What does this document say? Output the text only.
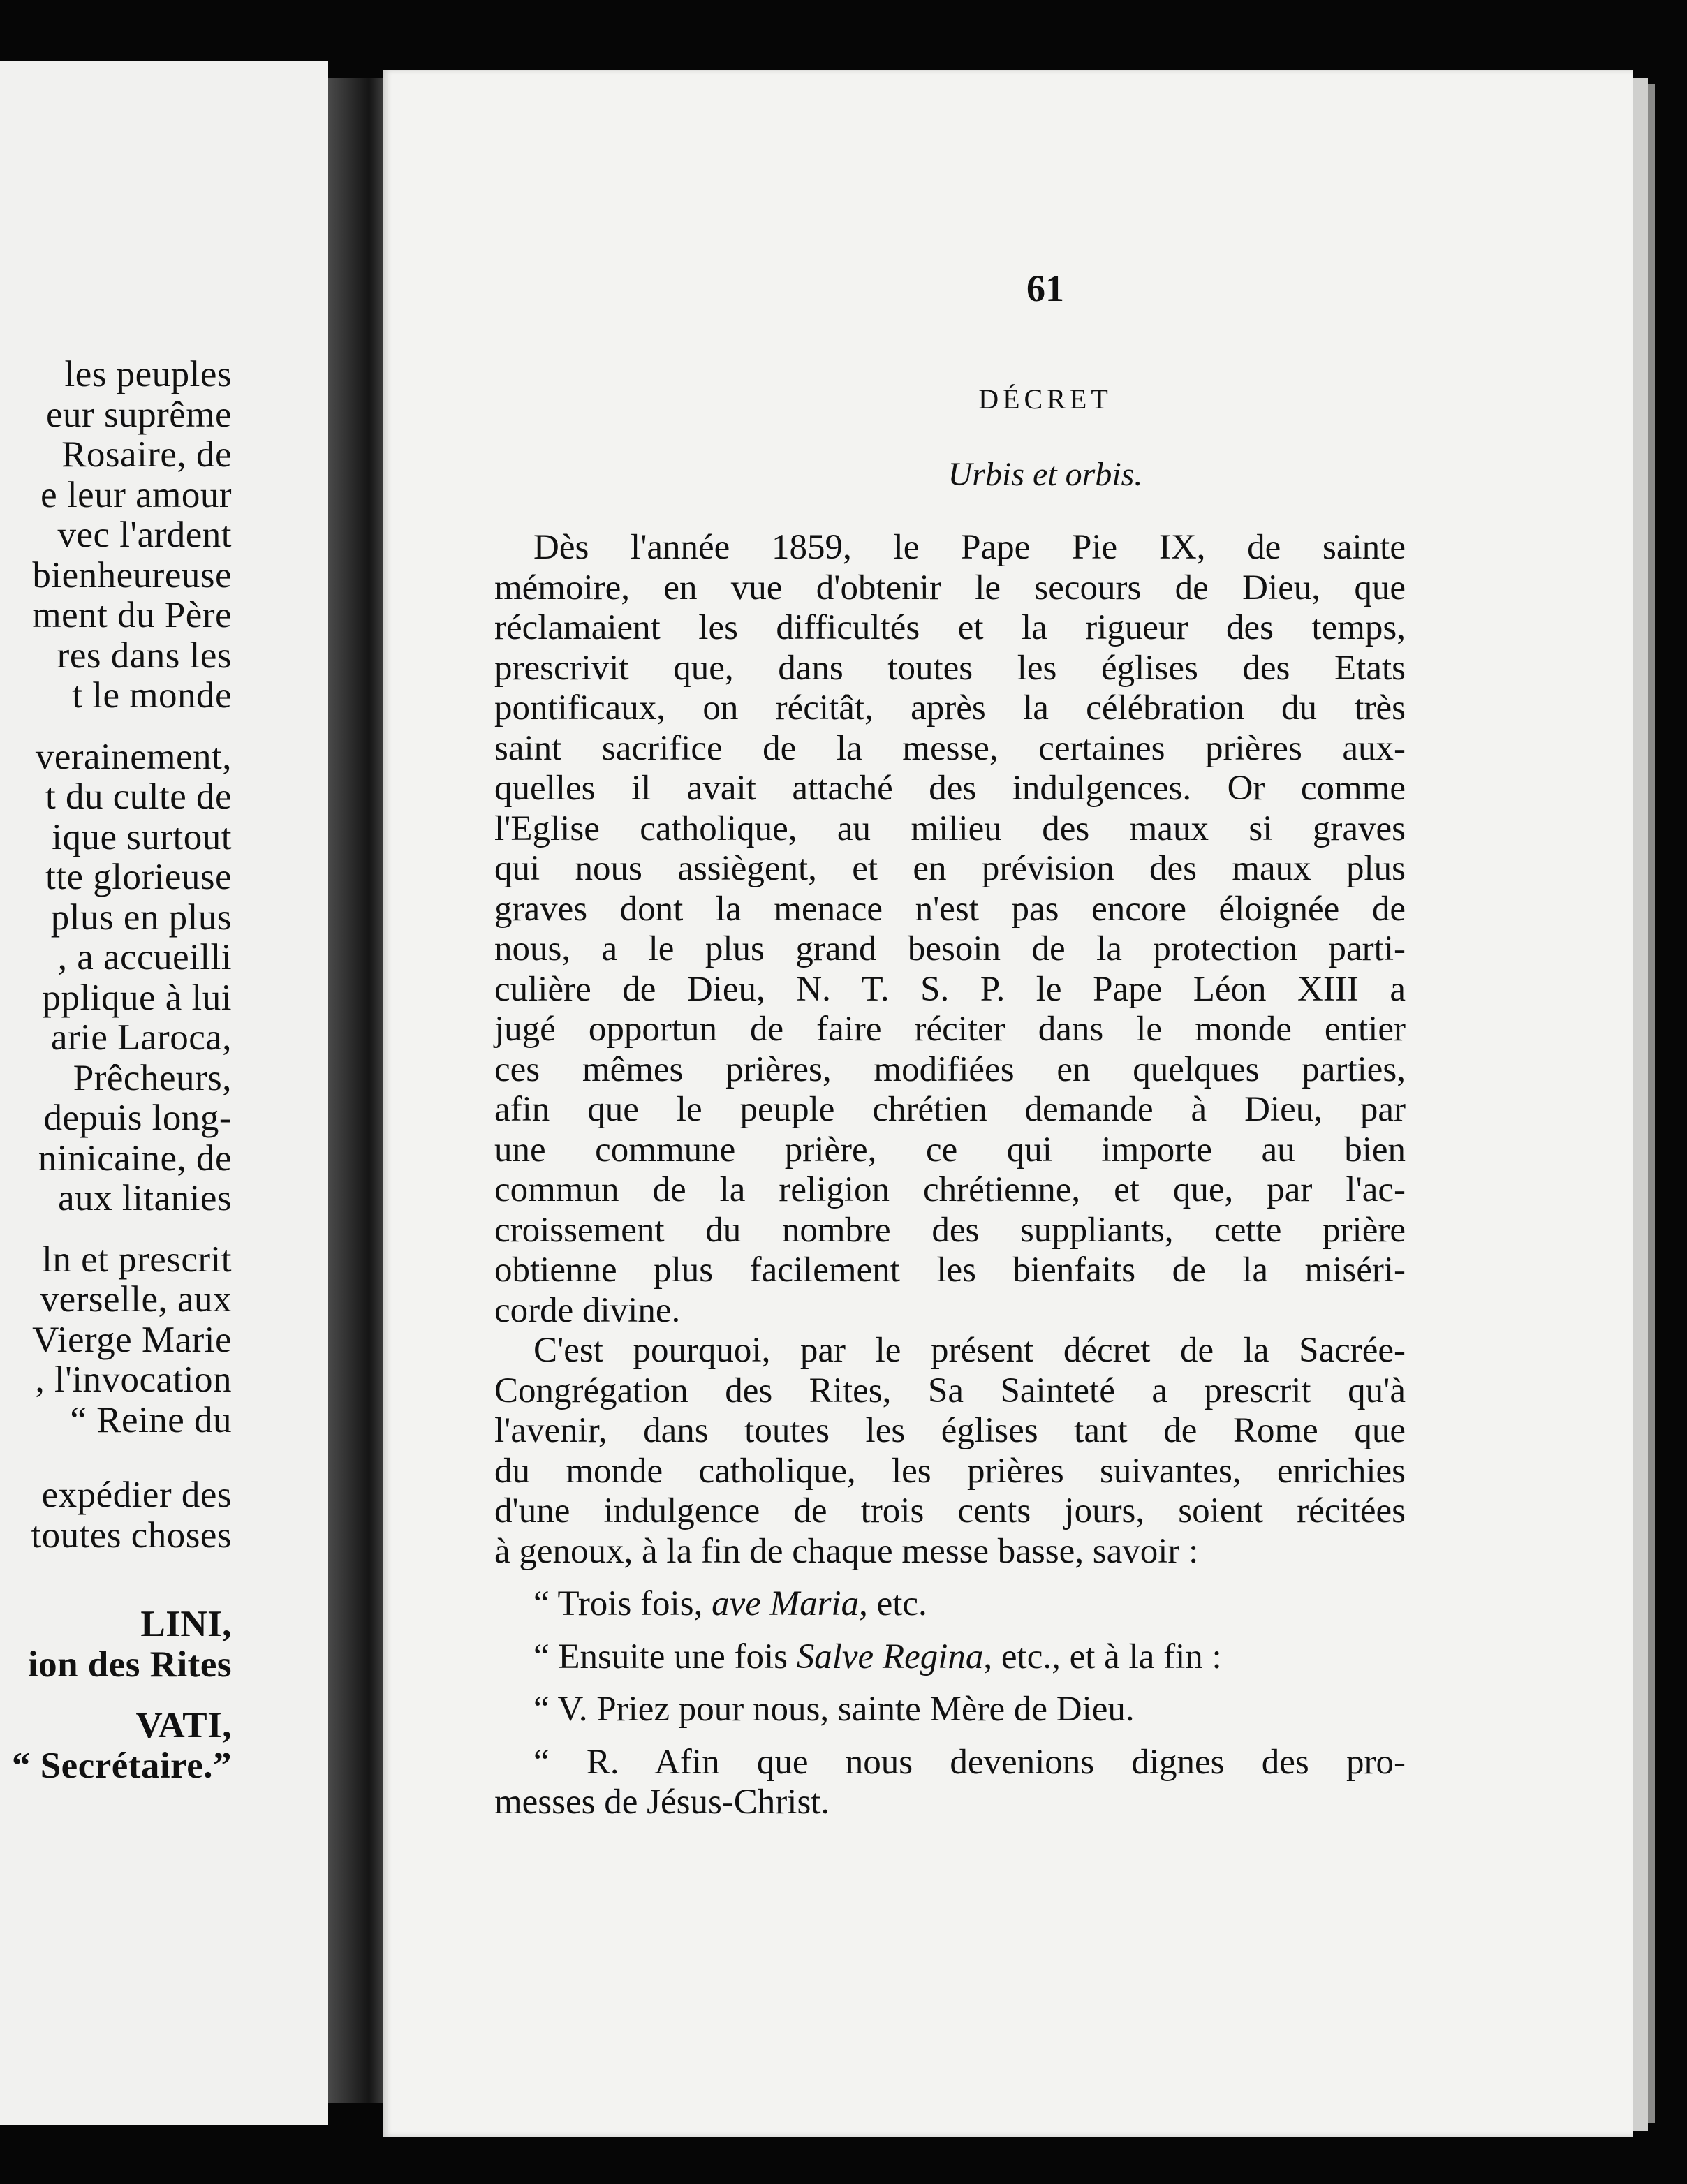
les peuples
eur suprême
Rosaire, de
e leur amour
vec l'ardent
bienheureuse
ment du Père
res dans les
t le monde
verainement,
t du culte de
ique surtout
tte glorieuse
plus en plus
, a accueilli
pplique à lui
arie Laroca,
Prêcheurs,
depuis long-
ninicaine, de
aux litanies
ln et prescrit
verselle, aux
Vierge Marie
, l'invocation
“ Reine du
expédier des
toutes choses
LINI,
ion des Rites
VATI,
“ Secrétaire.”
61
DÉCRET
Urbis et orbis.
Dès l'année 1859, le Pape Pie IX, de sainte
mémoire, en vue d'obtenir le secours de Dieu, que
réclamaient les difficultés et la rigueur des temps,
prescrivit que, dans toutes les églises des Etats
pontificaux, on récitât, après la célébration du très
saint sacrifice de la messe, certaines prières aux-
quelles il avait attaché des indulgences. Or comme
l'Eglise catholique, au milieu des maux si graves
qui nous assiègent, et en prévision des maux plus
graves dont la menace n'est pas encore éloignée de
nous, a le plus grand besoin de la protection parti-
culière de Dieu, N. T. S. P. le Pape Léon XIII a
jugé opportun de faire réciter dans le monde entier
ces mêmes prières, modifiées en quelques parties,
afin que le peuple chrétien demande à Dieu, par
une commune prière, ce qui importe au bien
commun de la religion chrétienne, et que, par l'ac-
croissement du nombre des suppliants, cette prière
obtienne plus facilement les bienfaits de la miséri-
corde divine.
C'est pourquoi, par le présent décret de la Sacrée-
Congrégation des Rites, Sa Sainteté a prescrit qu'à
l'avenir, dans toutes les églises tant de Rome que
du monde catholique, les prières suivantes, enrichies
d'une indulgence de trois cents jours, soient récitées
à genoux, à la fin de chaque messe basse, savoir :
“ Trois fois, ave Maria, etc.
“ Ensuite une fois Salve Regina, etc., et à la fin :
“ V. Priez pour nous, sainte Mère de Dieu.
“ R. Afin que nous devenions dignes des pro-
messes de Jésus-Christ.
